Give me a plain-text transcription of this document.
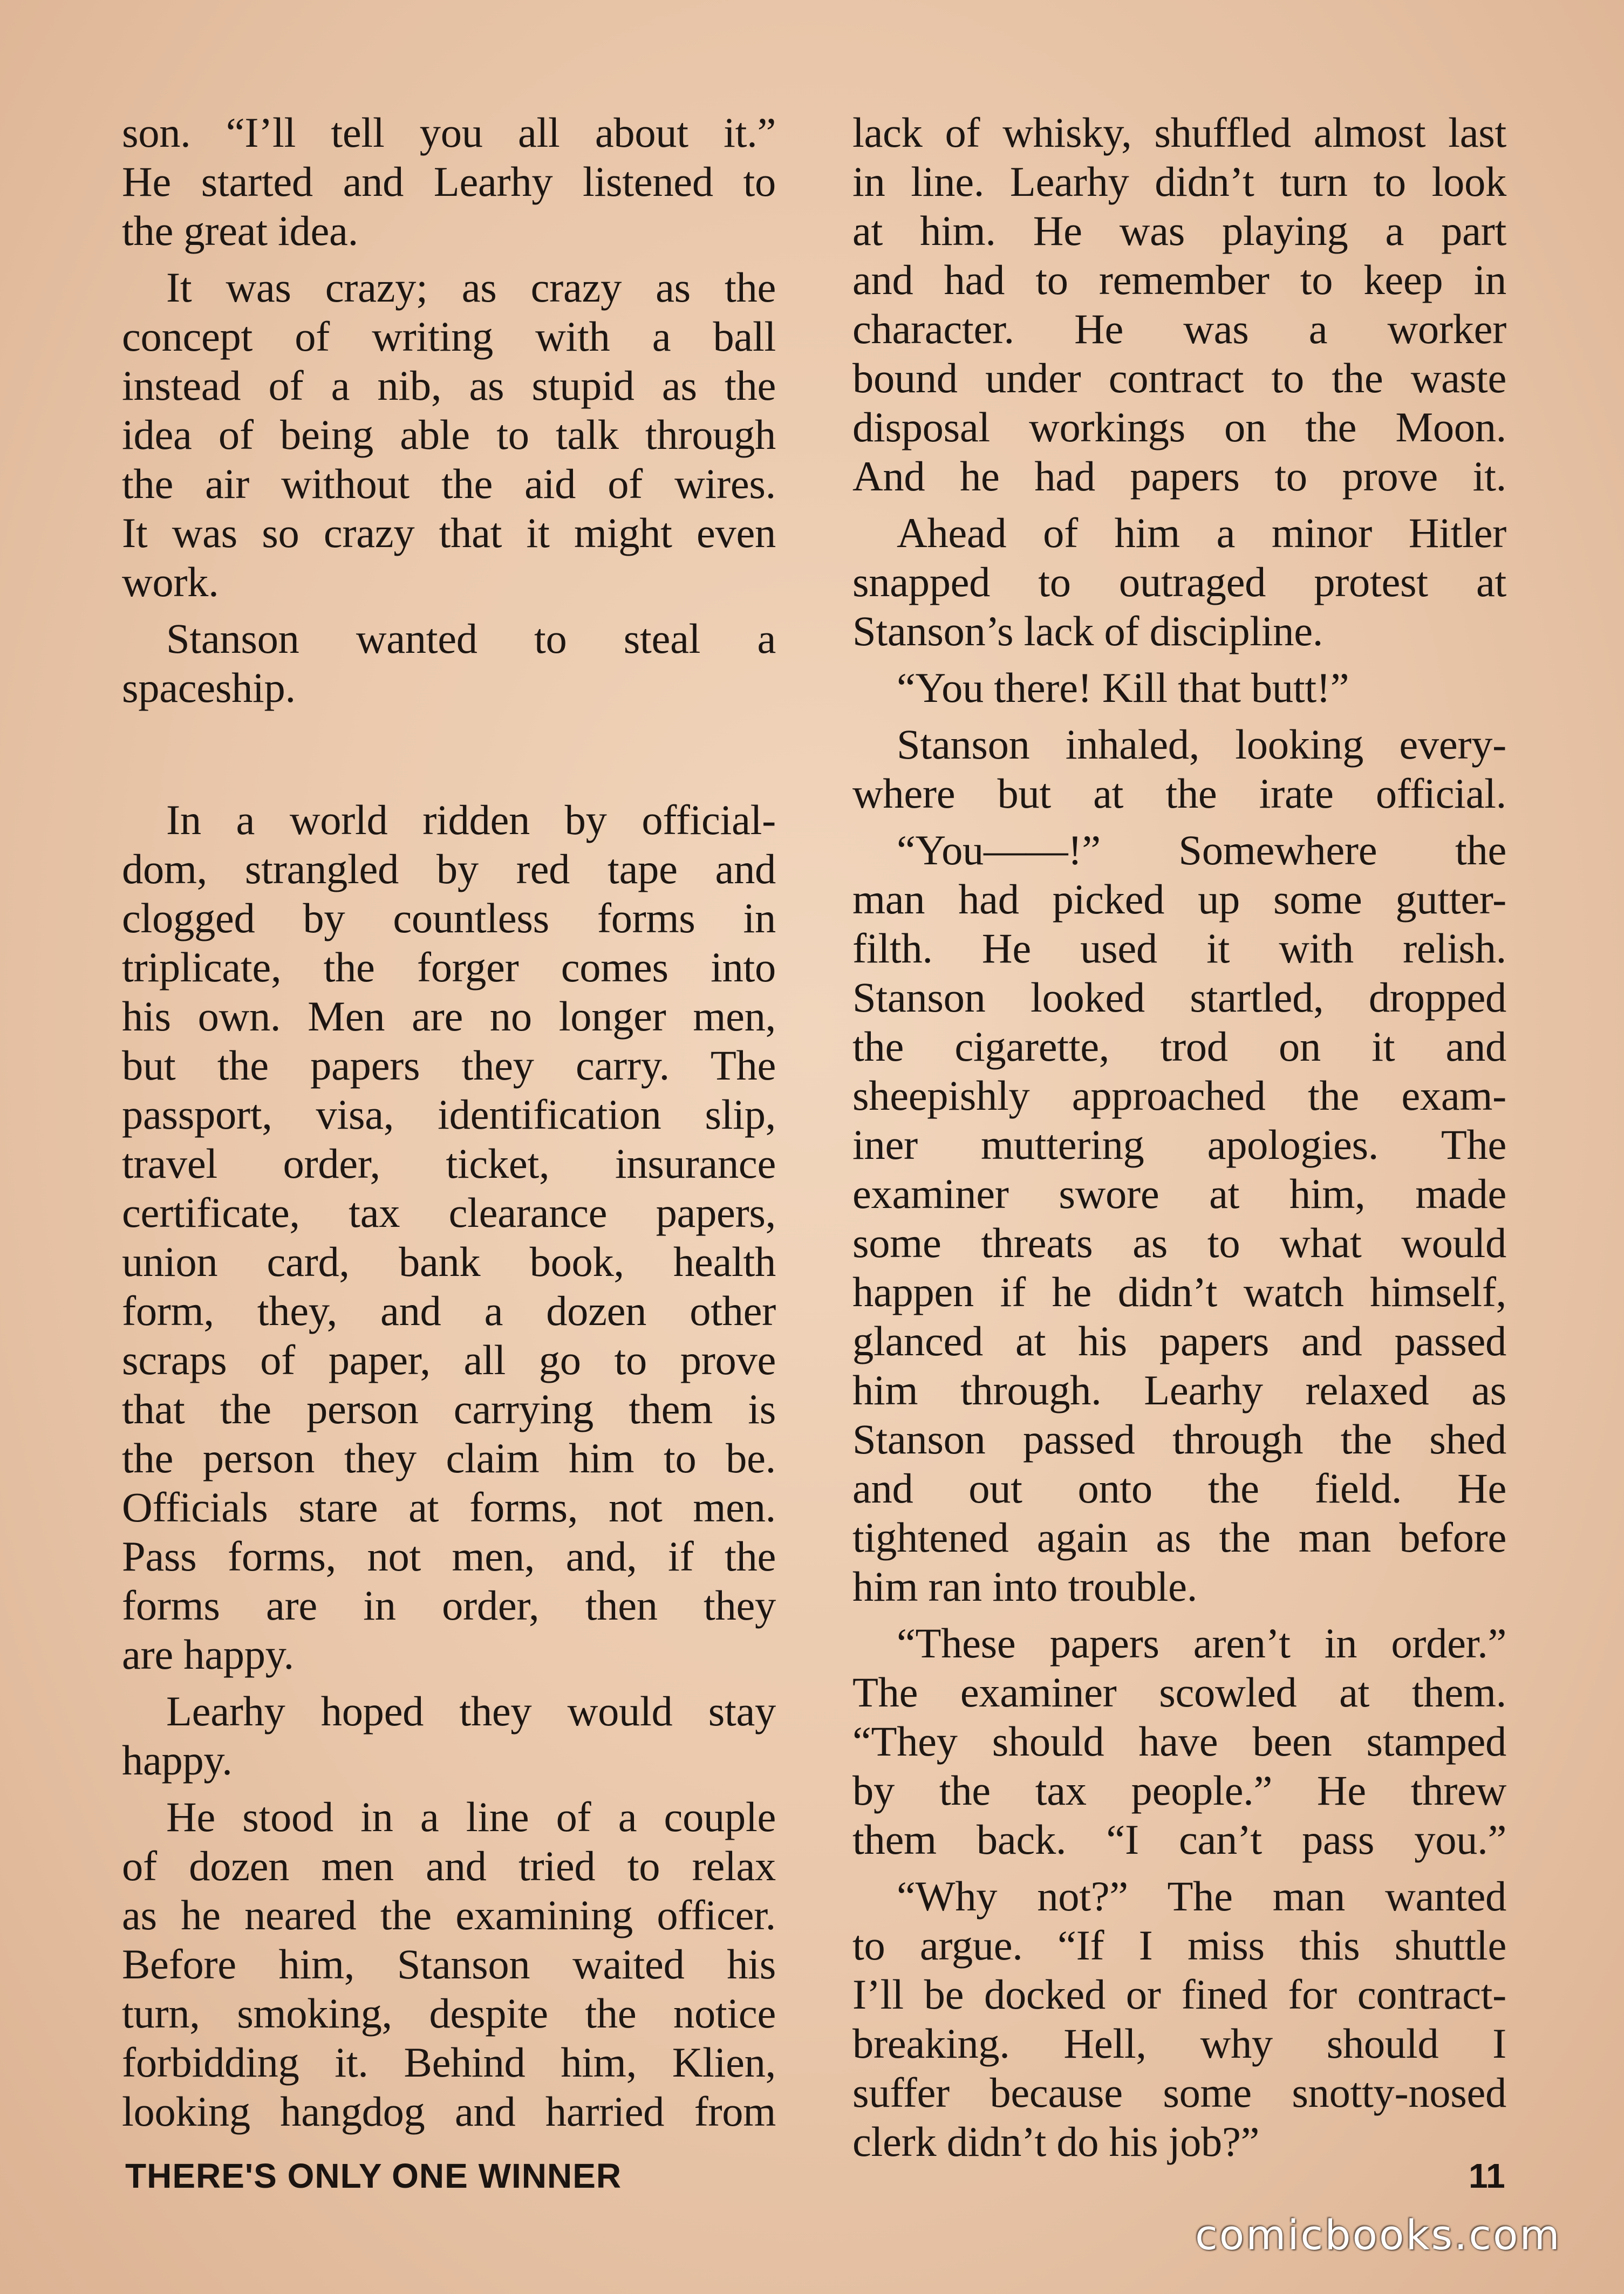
son. “I’ll tell you all about it.”
He started and Learhy listened to
the great idea.

It was crazy; as crazy as the
concept of writing with a ball
instead of a nib, as stupid as the
idea of being able to talk through
the air without the aid of wires.
It was so crazy that it might even
work.

Stanson wanted to steal a
spaceship.

In a world ridden by official-
dom, strangled by red tape and
clogged by countless forms in
triplicate, the forger comes into
his own. Men are no longer men,
but the papers they carry. The
passport, visa, identification slip,
travel order, ticket, insurance
certificate, tax clearance papers,
union card, bank book, health
form, they, and a dozen other
scraps of paper, all go to prove
that the person carrying them is
the person they claim him to be.
Officials stare at forms, not men.
Pass forms, not men, and, if the
forms are in order, then they
are happy.

Learhy hoped they would stay
happy.

He stood in a line of a couple
of dozen men and tried to relax
as he neared the examining officer.
Before him, Stanson waited his
turn, smoking, despite the notice
forbidding it. Behind him, Klien,
looking hangdog and harried from

lack of whisky, shuffled almost last
in line. Learhy didn’t turn to look
at him. He was playing a part
and had to remember to keep in
character. He was a worker
bound under contract to the waste
disposal workings on the Moon.
And he had papers to prove it.

Ahead of him a minor Hitler
snapped to outraged protest at
Stanson’s lack of discipline.

“You there! Kill that butt!”

Stanson inhaled, looking every-
where but at the irate official.

“You——!” Somewhere the
man had picked up some gutter-
filth. He used it with relish.
Stanson looked startled, dropped
the cigarette, trod on it and
sheepishly approached the exam-
iner muttering apologies. The
examiner swore at him, made
some threats as to what would
happen if he didn’t watch himself,
glanced at his papers and passed
him through. Learhy relaxed as
Stanson passed through the shed
and out onto the field. He
tightened again as the man before
him ran into trouble.

“These papers aren’t in order.”
The examiner scowled at them.
“They should have been stamped
by the tax people.” He threw
them back. “I can’t pass you.”

“Why not?” The man wanted
to argue. “If I miss this shuttle
I’ll be docked or fined for contract-
breaking. Hell, why should I
suffer because some snotty-nosed
clerk didn’t do his job?”

THERE'S ONLY ONE WINNER	11
comicbooks.com
